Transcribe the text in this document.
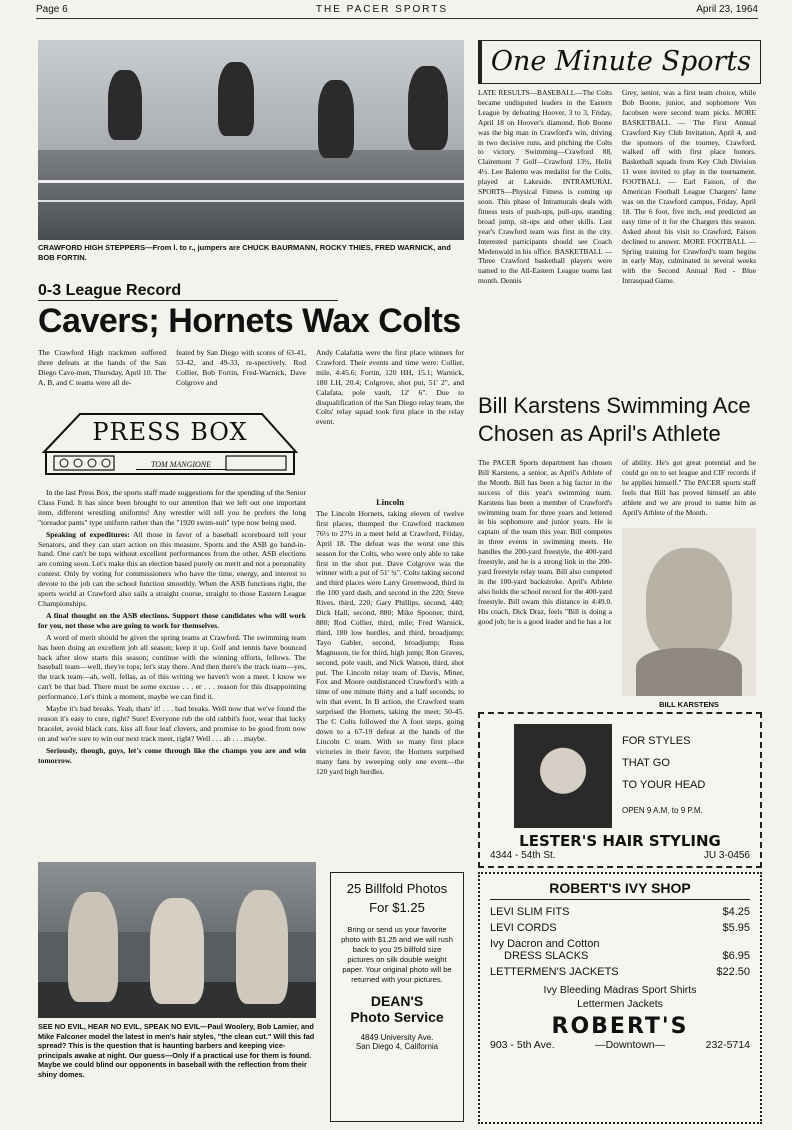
Page 6	THE PACER SPORTS	April 23, 1964
CRAWFORD HIGH STEPPERS—From l. to r., jumpers are CHUCK BAURMANN, ROCKY THIES, FRED WARNICK, and BOB FORTIN.
0-3 League Record
Cavers; Hornets Wax Colts
The Crawford High trackmen suffered three defeats at the hands of the San Diego Cave-men, Thursday, April 10. The A, B, and C teams were all de-
feated by San Diego with scores of 63-41, 53-42, and 49-33, re-spectively. Rod Collier, Bob Fortin, Fred-Warnick, Dave Colgrove and
Andy Calafatta were the first place winners for Crawford. Their events and time were: Collier, mile, 4:45.6; Fortin, 120 HH, 15.1; Warnick, 180 LH, 20.4; Colgrove, shot put, 51' 2", and Calafata, pole vault, 12' 6". Due to disqualification of the San Diego relay team, the Colts' relay squad took first place in the relay event.
Lincoln
The Lincoln Hornets, taking eleven of twelve first places, thumped the Crawford trackmen 76½ to 27½ in a meet held at Crawford, Friday, April 18. The defeat was the worst one this season for the Colts, who were only able to take first in the shot put. Dave Colgrove was the winner with a put of 51' ¾". Colts taking second and third places were Larry Greenwood, third in the 100 yard dash, and second in the 220; Steve Rives, third, 220; Gary Phillips, second, 440; Dick Hall, second, 880; Mike Spooner, third, 880; Rod Collier, third, mile; Fred Warnick, third, 180 low hurdles, and third, broadjump; Tayo Gabler, second, broadjump; Russ Magnuson, tie for third, high jump; Ron Graves, second, pole vault, and Nick Watson, third, shot put. The Lincoln relay team of Davis, Miner, Fox and Moore outdistanced Crawford's with a time of one minute thirty and a half seconds, to win that event. In B action, the Crawford team surprised the Hornets, taking the meet; 50-45. The C Colts followed the A foot steps, going down to a 67-19 defeat at the hands of the Lincoln C team. With so many first place victories in their favor, the Hornets surprised many fans by sweeping only one event—the 120 yard high hurdles.
PRESS BOX
TOM MANGIONE

In the last Press Box, the sports staff made suggestions for the spending of the Senior Class Fund. It has since been brought to our attention that we left out one important item, different wrestling uniforms! Any wrestler will tell you he prefers the long "toreador pants" type uniform rather than the "1920 swim-suit" type now being used.

Speaking of expeditures: All those in favor of a baseball scoreboard tell your Senators, and they can start action on this measure. Sports and the ASB go hand-in-hand. One can't be tops without excellent performances from the other. ASB elections are coming soon. Let's make this an election based purely on merit and not a personality contest. Only by voting for commissioners who have the time, energy, and interest to devote to the job can the school function smoothly. When the ASB functions right, the sports world at Crawford also sails a straight course, straight to those Eastern League Championships.

A final thought on the ASB elections. Support those candidates who will work for you, not those who are going to work for themselves.

A word of merit should be given the spring teams at Crawford. The swimming team has been doing an excellent job all season; keep it up. Golf and tennis have bounced back after slow starts this season; continue with the winning efforts, fellows. The baseball team—well, they're tops; let's stay there. And then there's the track team—yes, the track team—ah, well, fellas, as of this writing we haven't won a meet. I know we can't be that bad. There must be some excuse . . . er . . . reason for this disappointing performance. Let's think a moment, maybe we can find it.

Maybe it's bad breaks. Yeah, thats' it! . . . bad breaks. Well now that we've found the reason it's easy to cure, right? Sure! Everyone rub the old rabbit's foot, wear that lucky bracelet, avoid black cats, kiss all four leaf clovers, and promise to be good from now on and we're sure to win our next track meet, right? Well . . . ah . . . maybe.

Seriously, though, guys, let's come through like the champs you are and win tomorrow.

SEE NO EVIL, HEAR NO EVIL, SPEAK NO EVIL—Paul Woolery, Bob Lamier, and Mike Falconer model the latest in men's hair styles, "the clean cut." Will this fad spread? This is the question that is haunting barbers and keeping vice-principals awake at night. Our guess—Only if a practical use for them is found. Maybe we could blind our opponents in baseball with the reflection from their shiny domes.
25 Billfold Photos
For $1.25
Bring or send us your favorite photo with $1.25 and we will rush back to you 25 billfold size pictures on silk double weight paper. Your original photo will be returned with your pictures.
DEAN'S
Photo Service
4849 University Ave.
San Diego 4, California
One Minute Sports
LATE RESULTS—BASEBALL—The Colts became undisputed leaders in the Eastern League by defeating Hoover, 3 to 3, Friday, April 18 on Hoover's diamond. Bob Boone was the big man in Crawford's win, driving in two decisive runs, and pitching the Colts to victory. Swimming—Crawford 88, Clairemont 7 Golf—Crawford 13½, Helix 4½. Lee Balemo was medalist for the Colts, played at Lakeside. INTRAMURAL SPORTS—Physical Fitness is coming up soon. This phase of Intramurals deals with fitness tests of push-ups, pull-ups, standing broad jump, sit-ups and other skills. Last year's Crawford team was first in the city. Interested participants should see Coach Medenwald in his office. BASKETBALL — Three Crawford basketball players were named to the All-Eastern League teams last month. Dennis
Grey, senior, was a first team choice, while Bob Boone, junior, and sophomore Von Jacobsen were second team picks. MORE BASKETBALL — The First Annual Crawford Key Club Invitation, April 4, and the sponsors of the tourney, Crawford, walked off with first place honors. Basketball squads from Key Club Division 11 were invited to play in the tournament. FOOTBALL — Earl Faison, of the American Football League Chargers' fame was on the Crawford campus, Friday, April 18. The 6 foot, five inch, end predicted an easy time of it for the Chargers this season. Asked about his visit to Crawford, Faison declined to answer. MORE FOOTBALL — Spring training for Crawford's team begins in early May, culminated in several weeks with the Second Annual Red - Blue Intrasquad Game.
Bill Karstens Swimming Ace
Chosen as April's Athlete
The PACER Sports department has chosen Bill Karstens, a senior, as April's Athlete of the Month. Bill has been a big factor in the success of this year's swimming team. Karstens has been a member of Crawford's swimming team for three years and lettered in his sophomore and junior years. He is captain of the team this year. Bill competes in three events in swimming meets. He handles the 200-yard freestyle, the 400-yard freestyle, and he is a strong link in the 200-yard freestyle relay team. Bill also competed in the 100-yard backstroke. April's Athlete also holds the school record for the 400-yard freestyle. Bill swam this distance in 4:49.0. His coach, Dick Draz, feels "Bill is doing a good job; he is a good leader and he has a lot
of ability. He's got great potential and he could go on to set league and CIF records if he applies himself." The PACER sports staff feels that Bill has proved himself an able athlete and we are proud to name him as April's Athlete of the Month.
BILL KARSTENS
FOR STYLES
THAT GO
TO YOUR HEAD
OPEN 9 A.M. to 9 P.M.
LESTER'S HAIR STYLING
4344 - 54th St.	JU 3-0456
ROBERT'S IVY SHOP
LEVI SLIM FITS	$4.25
LEVI CORDS	$5.95
Ivy Dacron and Cotton
DRESS SLACKS	$6.95
LETTERMEN'S JACKETS	$22.50
Ivy Bleeding Madras Sport Shirts
Lettermen Jackets
ROBERT'S
903 - 5th Ave.	—Downtown—	232-5714
